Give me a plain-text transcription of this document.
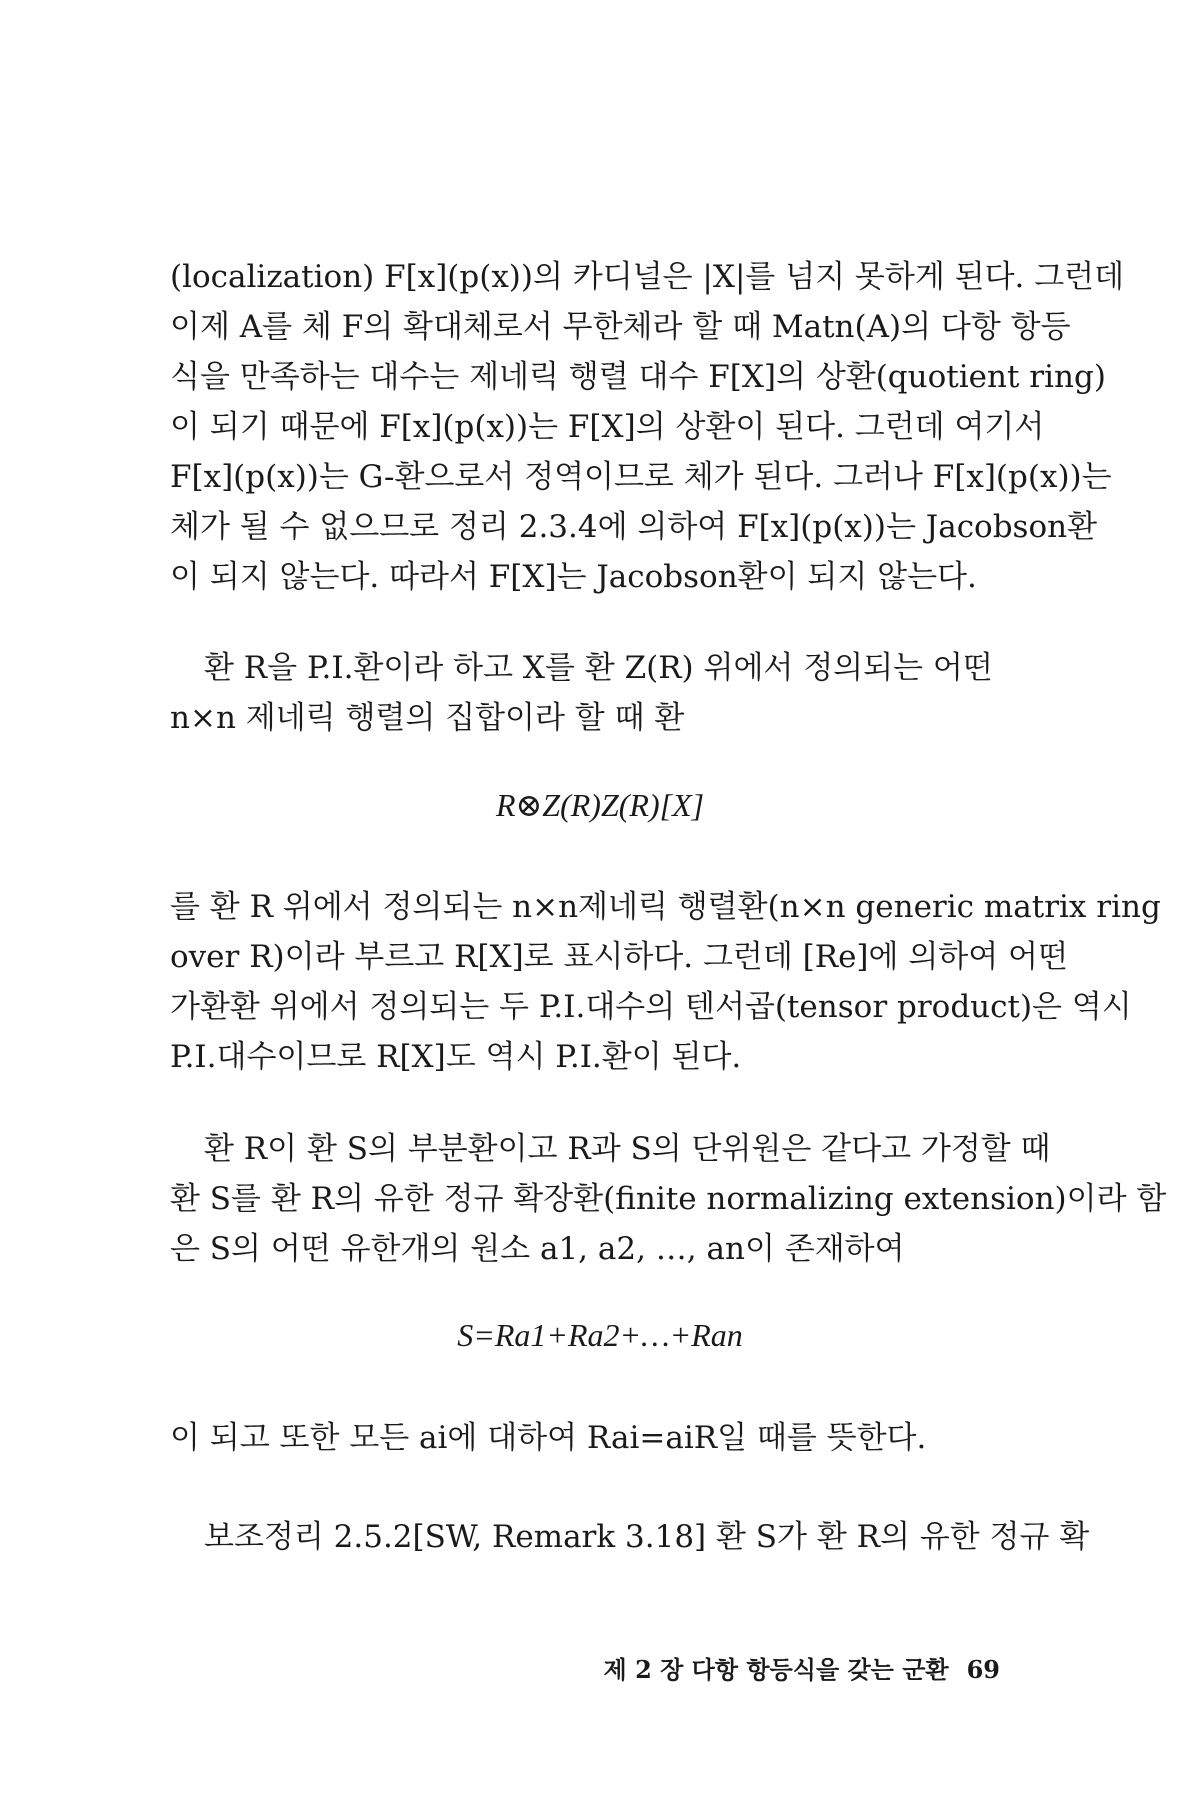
(localization) F[x](p(x))의 카디널은 |X|를 넘지 못하게 된다. 그런데

이제 A를 체 F의 확대체로서 무한체라 할 때 Matn(A)의 다항 항등

식을 만족하는 대수는 제네릭 행렬 대수 F[X]의 상환(quotient ring)

이 되기 때문에 F[x](p(x))는 F[X]의 상환이 된다. 그런데 여기서

F[x](p(x))는 G-환으로서 정역이므로 체가 된다. 그러나 F[x](p(x))는

체가 될 수 없으므로 정리 2.3.4에 의하여 F[x](p(x))는 Jacobson환

이 되지 않는다. 따라서 F[X]는 Jacobson환이 되지 않는다.

환 R을 P.I.환이라 하고 X를 환 Z(R) 위에서 정의되는 어떤

n×n 제네릭 행렬의 집합이라 할 때 환

R⊗Z(R)Z(R)[X]

를 환 R 위에서 정의되는 n×n제네릭 행렬환(n×n generic matrix ring

over R)이라 부르고 R[X]로 표시하다. 그런데 [Re]에 의하여 어떤

가환환 위에서 정의되는 두 P.I.대수의 텐서곱(tensor product)은 역시

P.I.대수이므로 R[X]도 역시 P.I.환이 된다.

환 R이 환 S의 부분환이고 R과 S의 단위원은 같다고 가정할 때

환 S를 환 R의 유한 정규 확장환(finite normalizing extension)이라 함

은 S의 어떤 유한개의 원소 a1, a2, …, an이 존재하여

S=Ra1+Ra2+…+Ran

이 되고 또한 모든 ai에 대하여 Rai=aiR일 때를 뜻한다.

보조정리 2.5.2[SW, Remark 3.18] 환 S가 환 R의 유한 정규 확

제 2 장 다항 항등식을 갖는 군환 69
